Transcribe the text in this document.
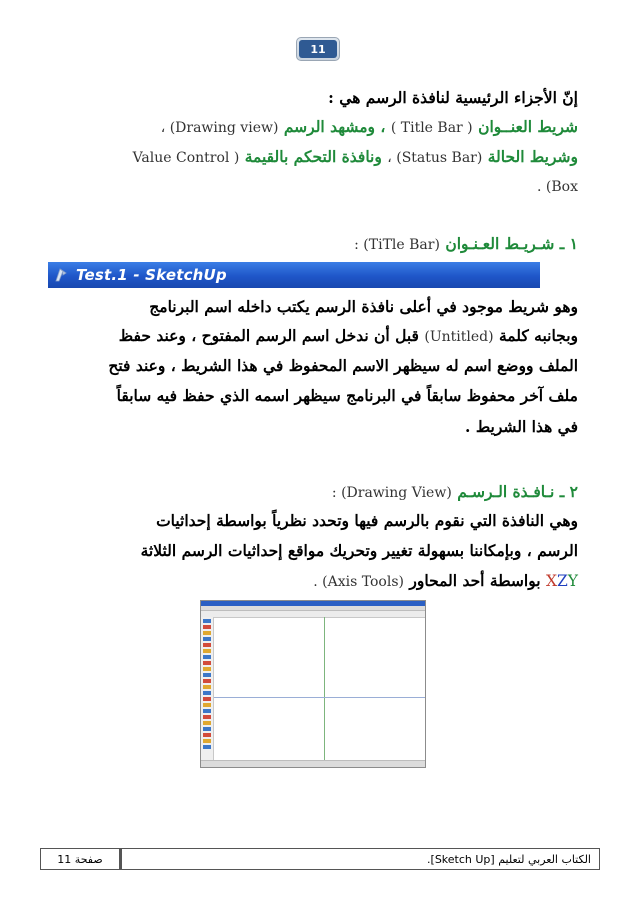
11
إنّ الأجزاء الرئيسية لنافذة الرسم هي :
شريط العنــوان ( Title Bar ) ، ومشهد الرسم (Drawing view) ،
وشريط الحالة (Status Bar) ، ونافذة التحكم بالقيمة ( Value Control
Box) .
١ ـ شـريـط العـنـوان (TiTle Bar) :
Test.1 - SketchUp
وهو شريط موجود في أعلى نافذة الرسم يكتب داخله اسم البرنامج
وبجانبه كلمة (Untitled) قبل أن ندخل اسم الرسم المفتوح ، وعند حفظ
الملف ووضع اسم له سيظهر الاسم المحفوظ في هذا الشريط ، وعند فتح
ملف آخر محفوظ سابقاً في البرنامج سيظهر اسمه الذي حفظ فيه سابقاً
في هذا الشريط .
٢ ـ نـافـذة الـرسـم (Drawing View) :
وهي النافذة التي نقوم بالرسم فيها وتحدد نظرياً بواسطة إحداثيات
الرسم ، وبإمكاننا بسهولة تغيير وتحريك مواقع إحداثيات الرسم الثلاثة
XZY بواسطة أحد المحاور (Axis Tools) .
الكتاب العربي لتعليم [Sketch Up].
صفحة 11
